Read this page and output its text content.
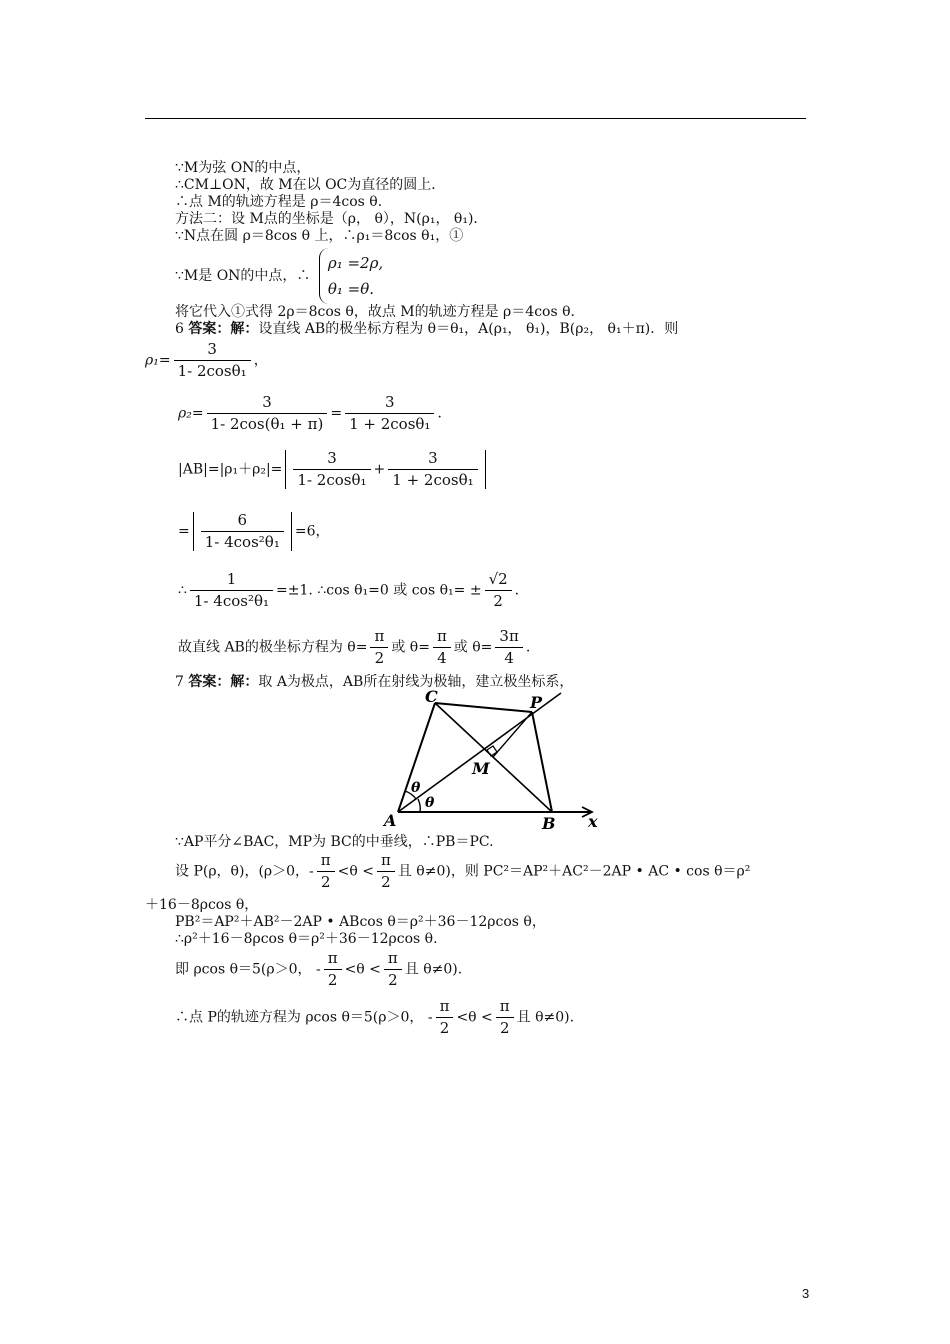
∵M为弦 ON的中点，
∴CM⊥ON，故 M在以 OC为直径的圆上．
∴点 M的轨迹方程是 ρ＝4cos θ．
方法二：设 M点的坐标是（ρ， θ），N(ρ₁， θ₁)．
∵N点在圆 ρ＝8cos θ 上，∴ρ₁＝8cos θ₁，①
∵M是 ON的中点，∴
ρ₁ =2ρ,
θ₁ =θ.
将它代入①式得 2ρ＝8cos θ，故点 M的轨迹方程是 ρ＝4cos θ．
6 答案：解：设直线 AB的极坐标方程为 θ＝θ₁，A(ρ₁， θ₁)，B(ρ₂， θ₁＋π)．则
$\rho_1= \frac{3}{\text{1- 2cosθ₁}}$ ，
$\rho_2= \frac{3}{\text{1- 2cos(θ₁ + π)}} = \frac{3}{\text{1 + 2cosθ₁}}$ ．
$|AB|=|\rho_1+\rho_2|= \frac{3}{\text{1- 2cosθ₁}} + \frac{3}{\text{1 + 2cosθ₁}}$
= $\frac{6}{\text{1- 4cos²θ₁}} =6$，
∴ $\frac{1}{\text{1- 4cos²θ₁}} =\pm 1$. ∴cos θ₁=0 或 $\cos \theta_1= \pm \frac{√2}{2}$ .
故直线 AB的极坐标方程为 $\theta= \frac{\pi}{2}$ 或 $\theta= \frac{\pi}{4}$ 或 $\theta= \frac{3\pi}{4}$ .
7 答案：解：取 A为极点，AB所在射线为极轴，建立极坐标系，
A	B
C	P
M
x
θ
θ
∵AP平分∠BAC，MP为 BC的中垂线，∴PB＝PC.
设 P(ρ，θ)，(ρ＞0，- $\frac{\pi}{2} <\theta < \frac{\pi}{2}$ 且 θ≠0)，则 PC²＝AP²＋AC²－2AP • AC • cos θ＝ρ²
＋16－8ρcos θ，
PB²＝AP²＋AB²－2AP • ABcos θ＝ρ²＋36－12ρcos θ，
∴ρ²＋16－8ρcos θ＝ρ²＋36－12ρcos θ.
即 ρcos θ＝5(ρ＞0， - $\frac{\pi}{2} <\theta < \frac{\pi}{2}$ 且 θ≠0).
∴点 P的轨迹方程为 ρcos θ＝5(ρ＞0， - $\frac{\pi}{2} <\theta < \frac{\pi}{2}$ 且 θ≠0).
3
